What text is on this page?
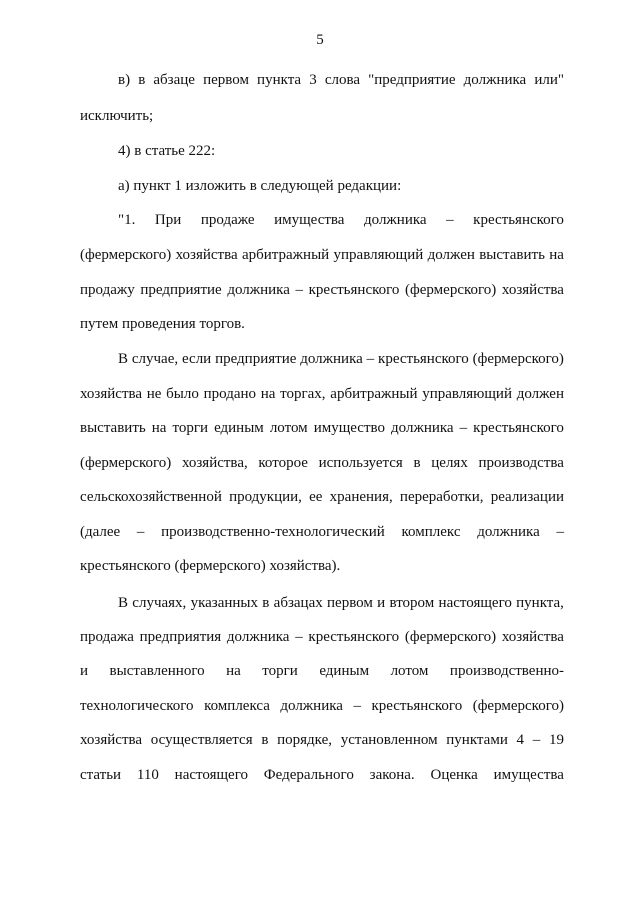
5
в) в абзаце первом пункта 3 слова "предприятие должника или"
исключить;
4) в статье 222:
а) пункт 1 изложить в следующей редакции:
"1. При продаже имущества должника – крестьянского
(фермерского) хозяйства арбитражный управляющий должен выставить на
продажу предприятие должника – крестьянского (фермерского) хозяйства
путем проведения торгов.
В случае, если предприятие должника – крестьянского (фермерского)
хозяйства не было продано на торгах, арбитражный управляющий должен
выставить на торги единым лотом имущество должника – крестьянского
(фермерского) хозяйства, которое используется в целях производства
сельскохозяйственной продукции, ее хранения, переработки, реализации
(далее – производственно-технологический комплекс должника –
крестьянского (фермерского) хозяйства).
В случаях, указанных в абзацах первом и втором настоящего пункта,
продажа предприятия должника – крестьянского (фермерского) хозяйства
и выставленного на торги единым лотом производственно-
технологического комплекса должника – крестьянского (фермерского)
хозяйства осуществляется в порядке, установленном пунктами 4 – 19
статьи 110 настоящего Федерального закона. Оценка имущества
